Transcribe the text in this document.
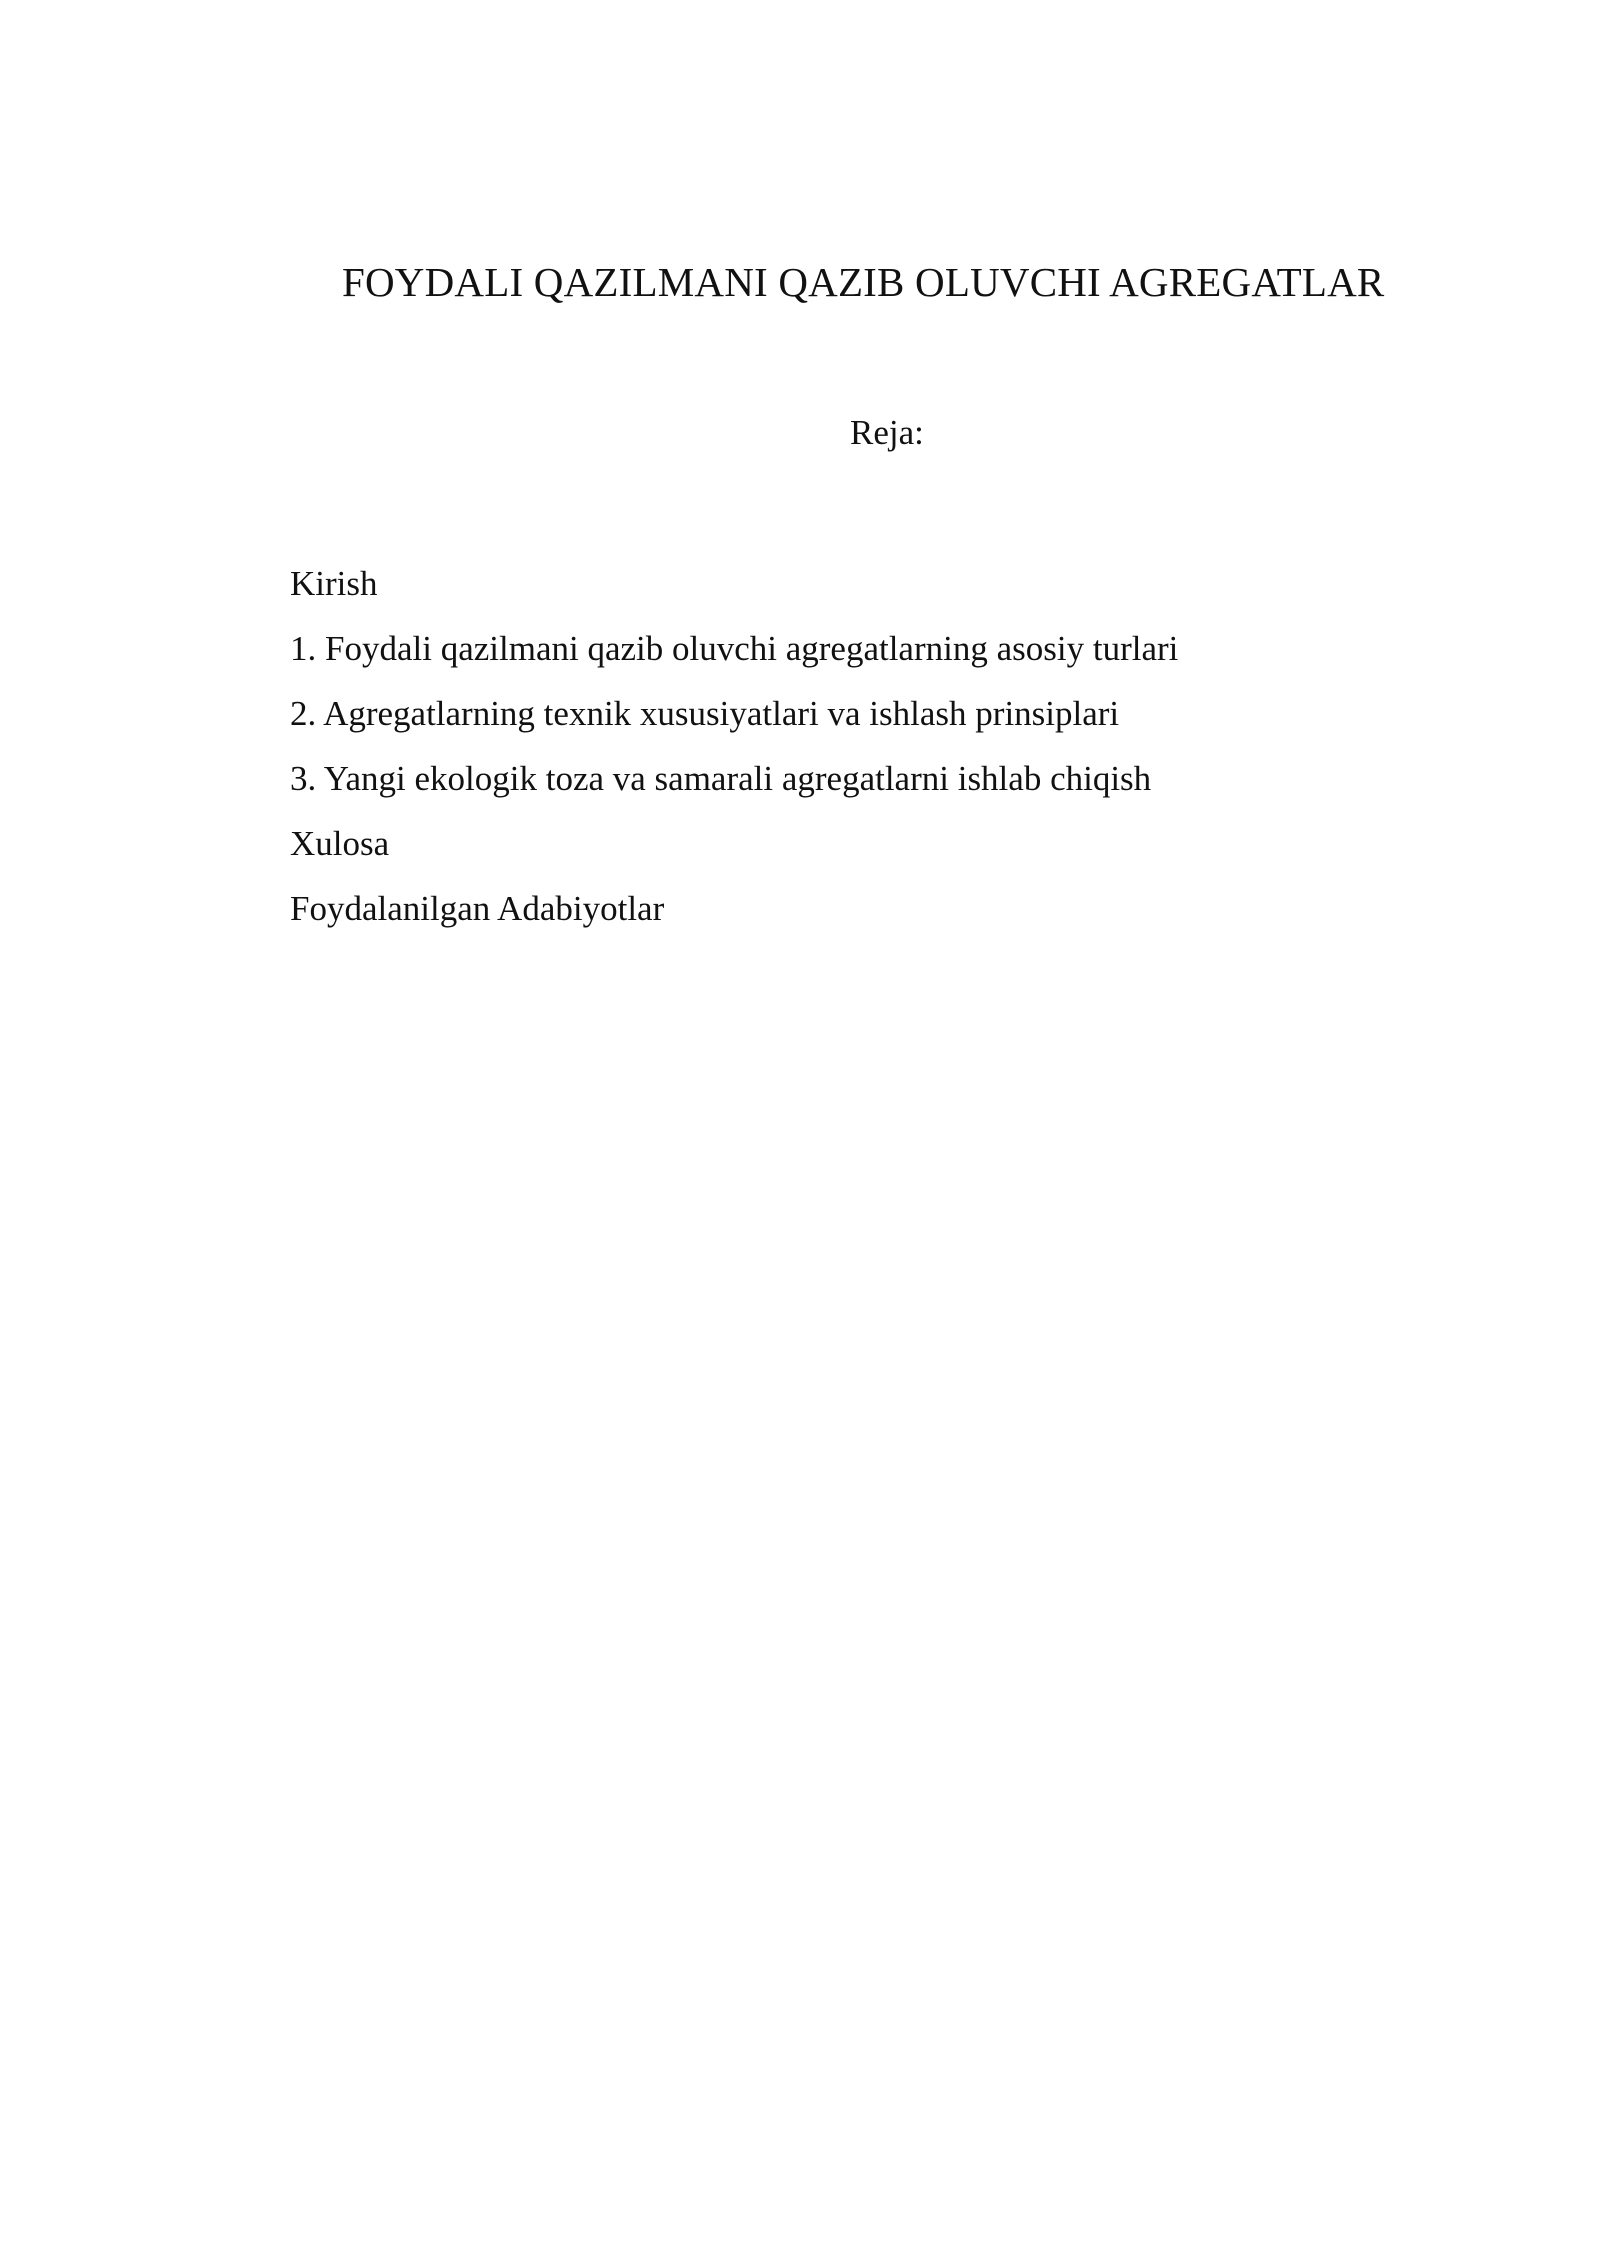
FOYDALI QAZILMANI QAZIB OLUVCHI AGREGATLAR
Reja:
Kirish
1. Foydali qazilmani qazib oluvchi agregatlarning asosiy turlari
2. Agregatlarning texnik xususiyatlari va ishlash prinsiplari
3. Yangi ekologik toza va samarali agregatlarni ishlab chiqish
Xulosa
Foydalanilgan Adabiyotlar
